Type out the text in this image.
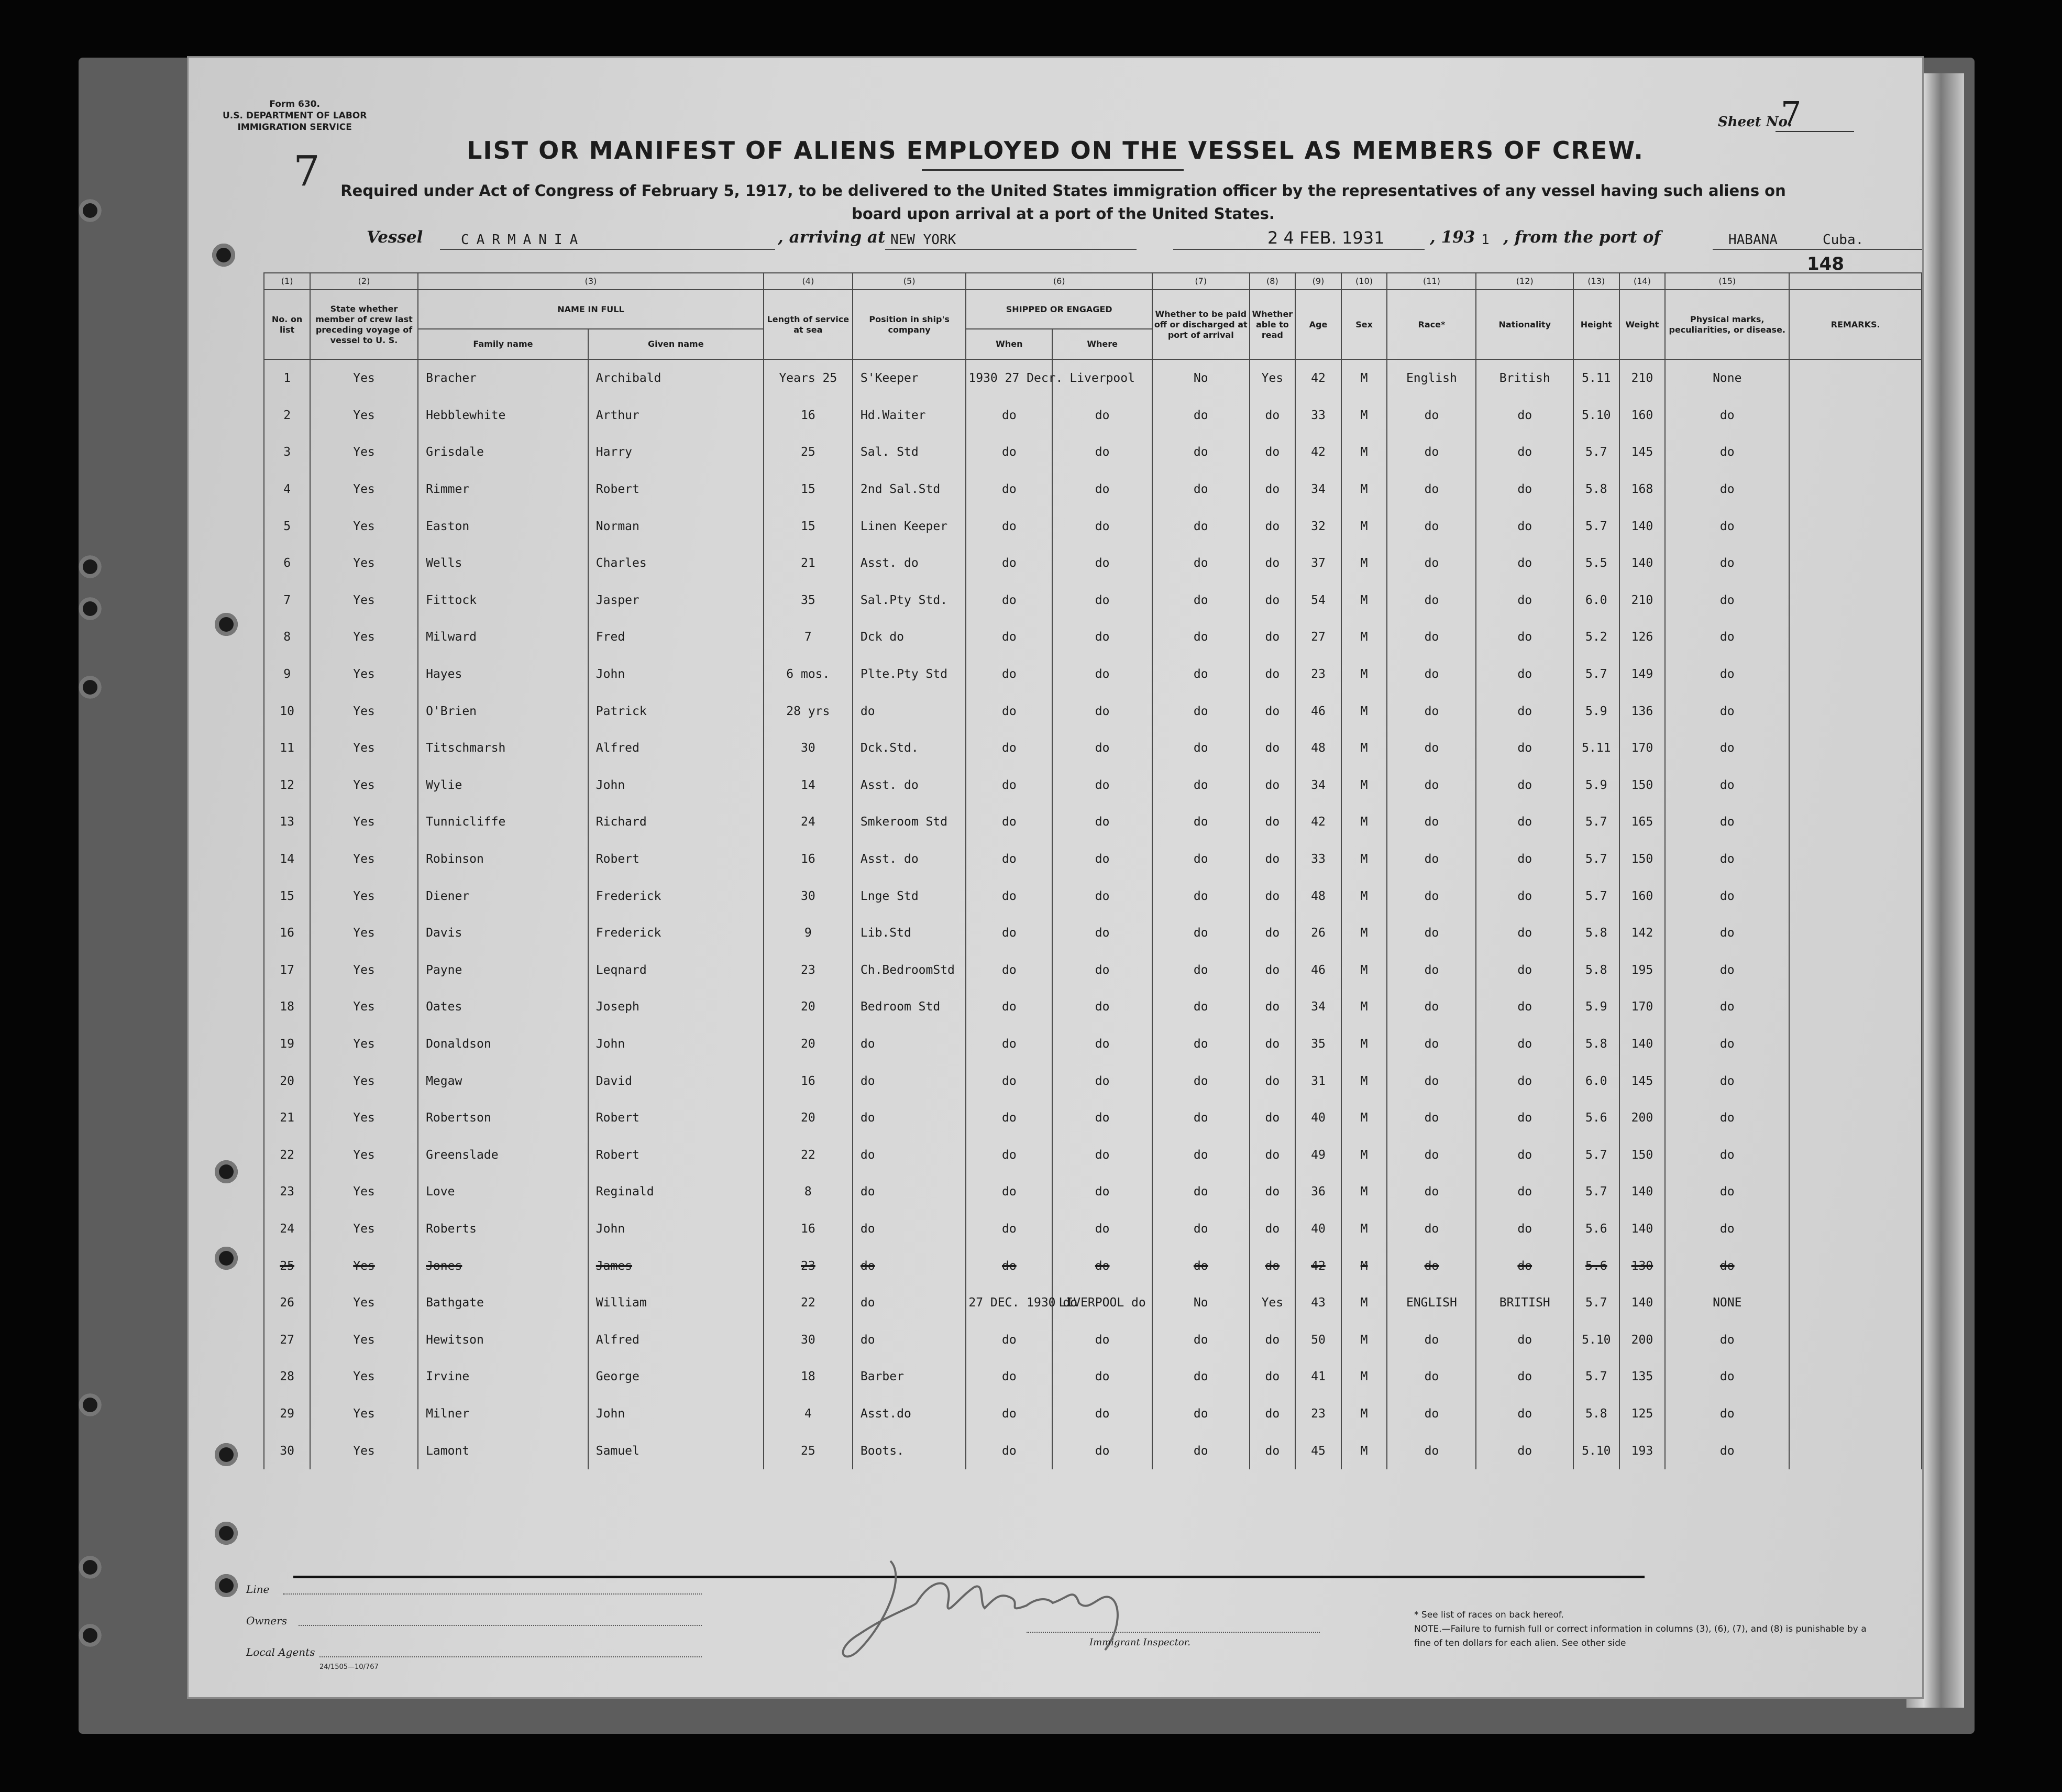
Form 630.
U.S. DEPARTMENT OF LABOR
IMMIGRATION SERVICE
7
Sheet No.
7
LIST OR MANIFEST OF ALIENS EMPLOYED ON THE VESSEL AS MEMBERS OF CREW.
Required under Act of Congress of February 5, 1917, to be delivered to the United States immigration officer by the representatives of any vessel having such aliens on board upon arrival at a port of the United States.
Vessel	CARMANIA	, arriving at NEW YORK	2 4 FEB. 1931	, 193 1 , from the port of	HABANA	Cuba.
148
	(1)	(2)	(3)		(4)	(5)	(6)		(7)	(8)	(9)	(10)	(11)	(12)	(13)	(14)	(15)	
	No. on list	State whether member of crew last preceding voyage of vessel to U. S.	NAME IN FULL		Length of service at sea	Position in ship's company	SHIPPED OR ENGAGED		Whether to be paid off or discharged at port of arrival	Whether able to read	Age	Sex	Race*	Nationality	Height	Weight	Physical marks, peculiarities, or disease.	REMARKS.
			Family name	Given name			When	Where										
	1	Yes	Bracher	Archibald	Years 25	S'Keeper	1930 27 Decr.	Liverpool	No	Yes	42	M	English	British	5.11	210	None	
	2	Yes	Hebblewhite	Arthur	16	Hd.Waiter	do	do	do	do	33	M	do	do	5.10	160	do	
	3	Yes	Grisdale	Harry	25	Sal. Std	do	do	do	do	42	M	do	do	5.7	145	do	
	4	Yes	Rimmer	Robert	15	2nd Sal.Std	do	do	do	do	34	M	do	do	5.8	168	do	
	5	Yes	Easton	Norman	15	Linen Keeper	do	do	do	do	32	M	do	do	5.7	140	do	
	6	Yes	Wells	Charles	21	Asst. do	do	do	do	do	37	M	do	do	5.5	140	do	
	7	Yes	Fittock	Jasper	35	Sal.Pty Std.	do	do	do	do	54	M	do	do	6.0	210	do	
	8	Yes	Milward	Fred	7	Dck do	do	do	do	do	27	M	do	do	5.2	126	do	
	9	Yes	Hayes	John	6 mos.	Plte.Pty Std	do	do	do	do	23	M	do	do	5.7	149	do	
	10	Yes	O'Brien	Patrick	28 yrs	do	do	do	do	do	46	M	do	do	5.9	136	do	
	11	Yes	Titschmarsh	Alfred	30	Dck.Std.	do	do	do	do	48	M	do	do	5.11	170	do	
	12	Yes	Wylie	John	14	Asst. do	do	do	do	do	34	M	do	do	5.9	150	do	
	13	Yes	Tunnicliffe	Richard	24	Smkeroom Std	do	do	do	do	42	M	do	do	5.7	165	do	
	14	Yes	Robinson	Robert	16	Asst. do	do	do	do	do	33	M	do	do	5.7	150	do	
	15	Yes	Diener	Frederick	30	Lnge Std	do	do	do	do	48	M	do	do	5.7	160	do	
	16	Yes	Davis	Frederick	9	Lib.Std	do	do	do	do	26	M	do	do	5.8	142	do	
	17	Yes	Payne	Leqnard	23	Ch.BedroomStd	do	do	do	do	46	M	do	do	5.8	195	do	
	18	Yes	Oates	Joseph	20	Bedroom Std	do	do	do	do	34	M	do	do	5.9	170	do	
	19	Yes	Donaldson	John	20	do	do	do	do	do	35	M	do	do	5.8	140	do	
	20	Yes	Megaw	David	16	do	do	do	do	do	31	M	do	do	6.0	145	do	
	21	Yes	Robertson	Robert	20	do	do	do	do	do	40	M	do	do	5.6	200	do	
	22	Yes	Greenslade	Robert	22	do	do	do	do	do	49	M	do	do	5.7	150	do	
	23	Yes	Love	Reginald	8	do	do	do	do	do	36	M	do	do	5.7	140	do	
	24	Yes	Roberts	John	16	do	do	do	do	do	40	M	do	do	5.6	140	do	
	25	Yes	Jones	James	23	do	do	do	do	do	42	M	do	do	5.6	130	do	
	26	Yes	Bathgate	William	22	do	27 DEC. 1930 do	LIVERPOOL do	No	Yes	43	M	ENGLISH	BRITISH	5.7	140	NONE	
	27	Yes	Hewitson	Alfred	30	do	do	do	do	do	50	M	do	do	5.10	200	do	
	28	Yes	Irvine	George	18	Barber	do	do	do	do	41	M	do	do	5.7	135	do	
	29	Yes	Milner	John	4	Asst.do	do	do	do	do	23	M	do	do	5.8	125	do	
	30	Yes	Lamont	Samuel	25	Boots.	do	do	do	do	45	M	do	do	5.10	193	do	
Line
Owners
Local Agents
24/1505—10/767
Immigrant Inspector.
* See list of races on back hereof.
NOTE.—Failure to furnish full or correct information in columns (3), (6), (7), and (8) is punishable by a fine of ten dollars for each alien. See other side
